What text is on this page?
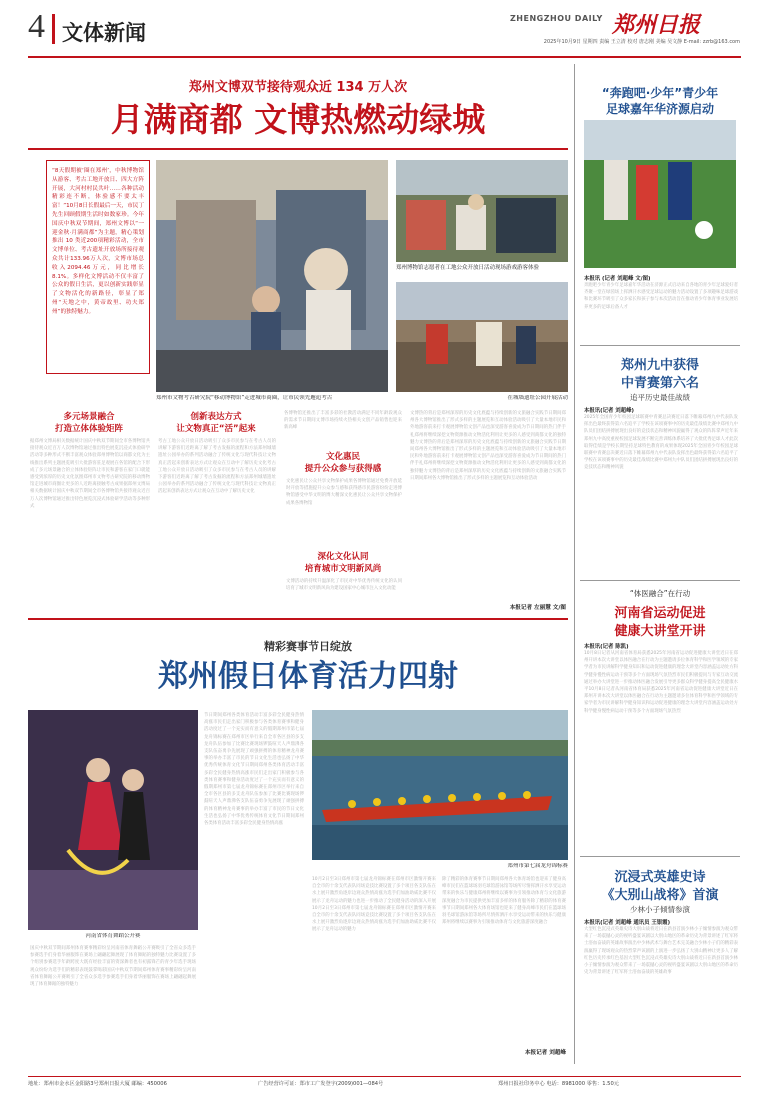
4 文体新闻
ZHENGZHOU DAILY 郑州日报
2025年10月9日 星期四 责编 王立清 校对 唐志刚 美编 吴文静 E-mail: zzrb@163.com
郑州文博双节接待观众近 134 万人次
月满商都 文博热燃动绿城
“8天假期被‘圈在郑州’，中秋博物馆从游客、考古工地开放日、四大方阵开展，大河村村民共叶……各种活动精彩连不断，体验感不要太丰富！”10月8日长假最后一天，市民丁先生回顾假期生活时如数家珍。今年国庆中秋双节期间，郑州文博以“一迎金秋·月满商都”为主题，精心策划推出 10 类近200项精彩活动，全市文博单位、考古遗址开放场所接待观众共计133.96万人次，文博市场总收入2094.46万元，同比增长8.1%。多样化文博活动不仅丰富了公众的假日生活，更以创新实践彰显了文物活化的新路径，彰显了郑州“天地之中，黄帝故里、功夫郑州”的独特魅力。
郑州市文物考古研究院“移动博物馆”走进城市商圈，让市民领先邂逅考古
郑州博物馆志愿者在工地公众开放日活动现场游戏游客体验
在城墙遗址公园开展活动
多元场景融合
打造立体体验矩阵
据郑州文博局相关数据统计国庆中秋双节期间全市各博物馆共接待观众近百万人次博物馆通过推出特色展览沉浸式体验研学活动等多种形式不断丰富观众体验郑州博物馆以商都文化为主线推出系列主题展览吸引大批游客驻足观展在各馆的配合下形成了多元场景融合的立体体验矩阵让市民和游客在家门口就能感受到浓厚的历史文化氛围郑州市文物考古研究院的移动博物馆走进城市商圈让更多的人近距离接触考古成果据郑州文博局相关数据统计国庆中秋双节期间全市各博物馆共接待观众近百万人次博物馆通过推出特色展览沉浸式体验研学活动等多种形式
创新表达方式
让文物真正“活”起来
考古工地公众开放日活动吸引了众多市民参与在考古人员的讲解下游客们近距离了解了考古发掘的流程和方法郑州城墙遗址公园举办的系列活动融合了传统文化与现代科技让文物真正活起来创新表达方式让观众在互动中了解历史文化考古工地公众开放日活动吸引了众多市民参与在考古人员的讲解下游客们近距离了解了考古发掘的流程和方法郑州城墙遗址公园举办的系列活动融合了传统文化与现代科技让文物真正活起来创新表达方式让观众在互动中了解历史文化
各博物馆还推出了丰富多彩的社教活动满足不同年龄段观众的需求节日期间文博市场持续火热相关文创产品销售也迎来新高峰
文化惠民
提升公众参与获得感
文化惠民让公众共享文物保护成果各博物馆通过免费开放延时开放等措施提升公众参与感和获得感市民游客纷纷走进博物馆感受中华文明的博大精深文化惠民让公众共享文物保护成果各博物馆
深化文化认同
培育城市文明新风尚
文博活动的持续升温深化了市民对中华优秀传统文化的认同培育了城市文明新风尚为建设国家中心城市注入文化动能
文博热的背后是郑州深厚的历史文化底蕴与持续创新的文旅融合实践节日期间郑州各大博物馆推出了形式多样的主题展览和互动体验活动吸引了大量本地市民和外地游客前来打卡观展博物馆文创产品也深受游客喜爱成为节日期间的热门伴手礼郑州将继续深挖文物资源推动文物活化利用让更多的人感受到商都文化的独特魅力文博热的背后是郑州深厚的历史文化底蕴与持续创新的文旅融合实践节日期间郑州各大博物馆推出了形式多样的主题展览和互动体验活动吸引了大量本地市民和外地游客前来打卡观展博物馆文创产品也深受游客喜爱成为节日期间的热门伴手礼郑州将继续深挖文物资源推动文物活化利用让更多的人感受到商都文化的独特魅力文博热的背后是郑州深厚的历史文化底蕴与持续创新的文旅融合实践节日期间郑州各大博物馆推出了形式多样的主题展览和互动体验活动
本报记者 左丽慧 文/图
“奔跑吧·少年”青少年
足球嘉年华济源启动
本报讯 (记者 刘超峰 文/图)
奔跑吧少年青少年足球嘉年华活动在济源正式启动来自各地的青少年足球爱好者齐聚一堂在绿茵场上挥洒汗水感受足球运动的魅力活动设置了多项趣味足球游戏和比赛环节吸引了众多家长和孩子参与本次活动旨在推动青少年体育事业发展培养更多的足球后备人才
郑州九中获得
中青赛第六名
追平历史最佳战绩
本报讯(记者 刘超峰)
2025年全国青少年校园足球联赛中青赛总决赛近日落下帷幕郑州九中代表队发挥出色最终获得第六名追平了学校在该项赛事中的历史最佳战绩比赛中郑州九中队员们团结拼搏展现出良好的竞技状态和精神风貌赢得了观众的阵阵掌声近年来郑州九中高度重视校园足球发展不断完善训练体系培养了大批优秀足球人才此次取得佳绩是学校长期坚持足球特色教育的成果体现2025年全国青少年校园足球联赛中青赛总决赛近日落下帷幕郑州九中代表队发挥出色最终获得第六名追平了学校在该项赛事中的历史最佳战绩比赛中郑州九中队员们团结拼搏展现出良好的竞技状态和精神风貌
“体医融合”在行动
河南省运动促进
健康大讲堂开讲
本报讯(记者 陈凯)
10月8日记者从河南省体育局获悉2025年河南省运动促进健康大讲堂近日在郑州开讲本次大讲堂以体医融合在行动为主题邀请多位体育科学和医学领域的专家学者为市民讲解科学健身知识和运动促进健康的理念大讲堂内容涵盖运动处方科学健身慢性病运动干预等多个方面现场气氛热烈市民们积极提问与专家互动交流通过举办大讲堂进一步推动体医融合发展引导更多群众科学健身提高全民健康水平10月8日记者从河南省体育局获悉2025年河南省运动促进健康大讲堂近日在郑州开讲本次大讲堂以体医融合在行动为主题邀请多位体育科学和医学领域的专家学者为市民讲解科学健身知识和运动促进健康的理念大讲堂内容涵盖运动处方科学健身慢性病运动干预等多个方面现场气氛热烈
沉浸式英雄史诗
《大别山战将》首演
少林小子倾情参演
本报讯(记者 刘超峰 通讯员 王银霞)
大型红色沉浸式英雄史诗大别山战将近日在新县首演少林小子倾情参演为观众带来了一场震撼心灵的视听盛宴该剧以大别山地区的革命历史为背景讲述了红军将士浴血奋战的英雄故事演出中少林武术与舞台艺术完美融合少林小子们的精彩表演赢得了现场观众的热烈掌声该剧的上演进一步弘扬了大别山精神让更多人了解红色历史传承红色基因大型红色沉浸式英雄史诗大别山战将近日在新县首演少林小子倾情参演为观众带来了一场震撼心灵的视听盛宴该剧以大别山地区的革命历史为背景讲述了红军将士浴血奋战的英雄故事
精彩赛事节日绽放
郑州假日体育活力四射
河南省体育舞蹈公开赛
国庆中秋双节期间郑州体育赛事精彩纷呈河南省体育舞蹈公开赛吸引了全省众多选手参赛选手们身着华丽服饰在赛场上翩翩起舞展现了体育舞蹈的独特魅力比赛设置了多个组别参赛选手年龄跨度大既有经验丰富的资深舞者也有初露锋芒的青少年选手现场观众纷纷为选手们的精彩表现鼓掌喝彩国庆中秋双节期间郑州体育赛事精彩纷呈河南省体育舞蹈公开赛吸引了全省众多选手参赛选手们身着华丽服饰在赛场上翩翩起舞展现了体育舞蹈的独特魅力
节日期间郑州各类体育活动丰富多彩全民健身热情高涨市民们走出家门积极参与各类体育赛事和健身活动度过了一个充实而有意义的假期郑州市第七届龙舟锦标赛在郑州市区举行来自全市各区县的多支龙舟队伍参加了比赛比赛现场锣鼓喧天人声鼎沸各支队伍奋勇争先展现了顽强拼搏的体育精神龙舟赛事的举办丰富了市民的节日文化生活也弘扬了中华优秀传统体育文化节日期间郑州各类体育活动丰富多彩全民健身热情高涨市民们走出家门积极参与各类体育赛事和健身活动度过了一个充实而有意义的假期郑州市第七届龙舟锦标赛在郑州市区举行来自全市各区县的多支龙舟队伍参加了比赛比赛现场锣鼓喧天人声鼎沸各支队伍奋勇争先展现了顽强拼搏的体育精神龙舟赛事的举办丰富了市民的节日文化生活也弘扬了中华优秀传统体育文化节日期间郑州各类体育活动丰富多彩全民健身热情高涨
郑州市第七届龙舟锦标赛
10月2日至3日郑州市第七届龙舟锦标赛在郑州市区激情开赛来自全市的十余支代表队同场竞技比赛设置了多个项目各支队伍在水上展开激烈角逐岸边观众热情高涨为选手们加油助威比赛不仅展示了龙舟运动的魅力也进一步推动了全民健身活动的深入开展10月2日至3日郑州市第七届龙舟锦标赛在郑州市区激情开赛来自全市的十余支代表队同场竞技比赛设置了多个项目各支队伍在水上展开激烈角逐岸边观众热情高涨为选手们加油助威比赛不仅展示了龙舟运动的魅力
除了精彩的体育赛事节日期间郑州各大体育场馆也迎来了健身高峰市民们在篮球场羽毛球馆游泳馆等场所尽情挥洒汗水享受运动带来的快乐与健康郑州将继续以赛事为引领推动体育与文化旅游深度融合为市民提供更加丰富多样的体育服务除了精彩的体育赛事节日期间郑州各大体育场馆也迎来了健身高峰市民们在篮球场羽毛球馆游泳馆等场所尽情挥洒汗水享受运动带来的快乐与健康郑州将继续以赛事为引领推动体育与文化旅游深度融合
本报记者 刘超峰
地址：郑州市金水区金阳路3号郑州日报大厦 邮编：450006	广告经营许可证：郑市工广发登字(2009)001—084号	郑州日报社印务中心 电话：8981000 零售：1.50元
